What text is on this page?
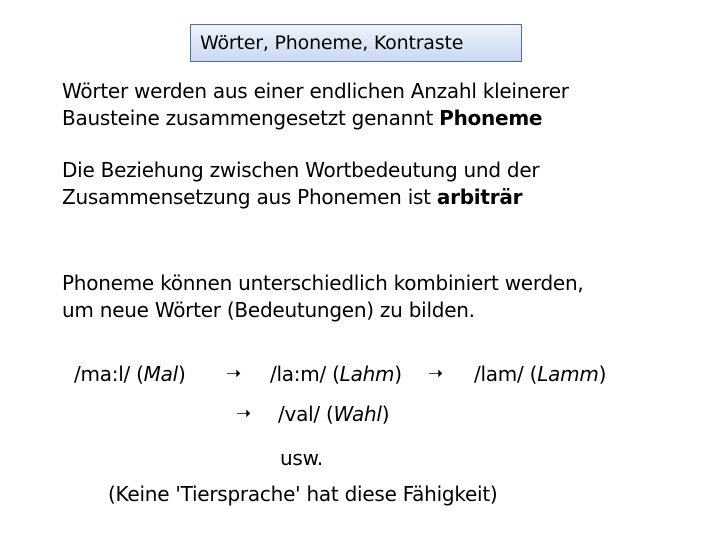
Wörter, Phoneme, Kontraste
Wörter werden aus einer endlichen Anzahl kleinerer
Bausteine zusammengesetzt genannt Phoneme
Die Beziehung zwischen Wortbedeutung und der
Zusammensetzung aus Phonemen ist arbiträr
Phoneme können unterschiedlich kombiniert werden,
um neue Wörter (Bedeutungen) zu bilden.
/ma:l/ (Mal) ➝ /la:m/ (Lahm) ➝ /lam/ (Lamm)
➝ /val/ (Wahl)
usw.
(Keine 'Tiersprache' hat diese Fähigkeit)
